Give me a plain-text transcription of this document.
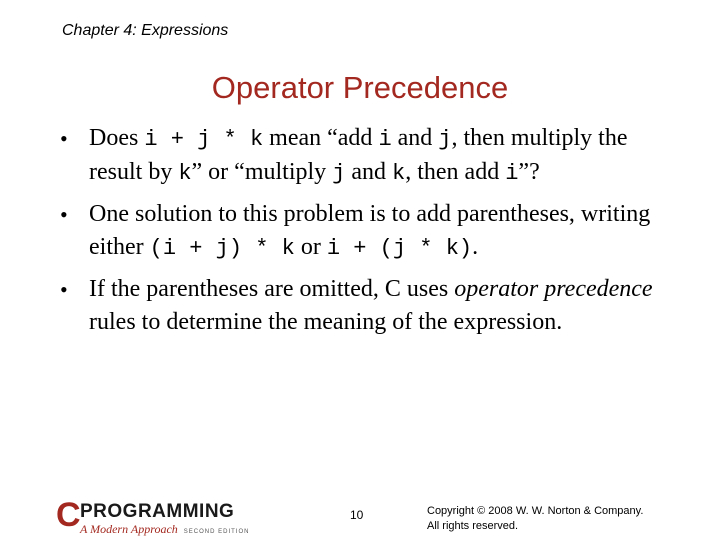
Chapter 4: Expressions
Operator Precedence
• Does i + j * k mean “add i and j, then multiply the result by k” or “multiply j and k, then add i”?
• One solution to this problem is to add parentheses, writing either (i + j) * k or i + (j * k).
• If the parentheses are omitted, C uses operator precedence rules to determine the meaning of the expression.
C PROGRAMMING
A Modern Approach SECOND EDITION
10	Copyright © 2008 W. W. Norton & Company.
All rights reserved.
